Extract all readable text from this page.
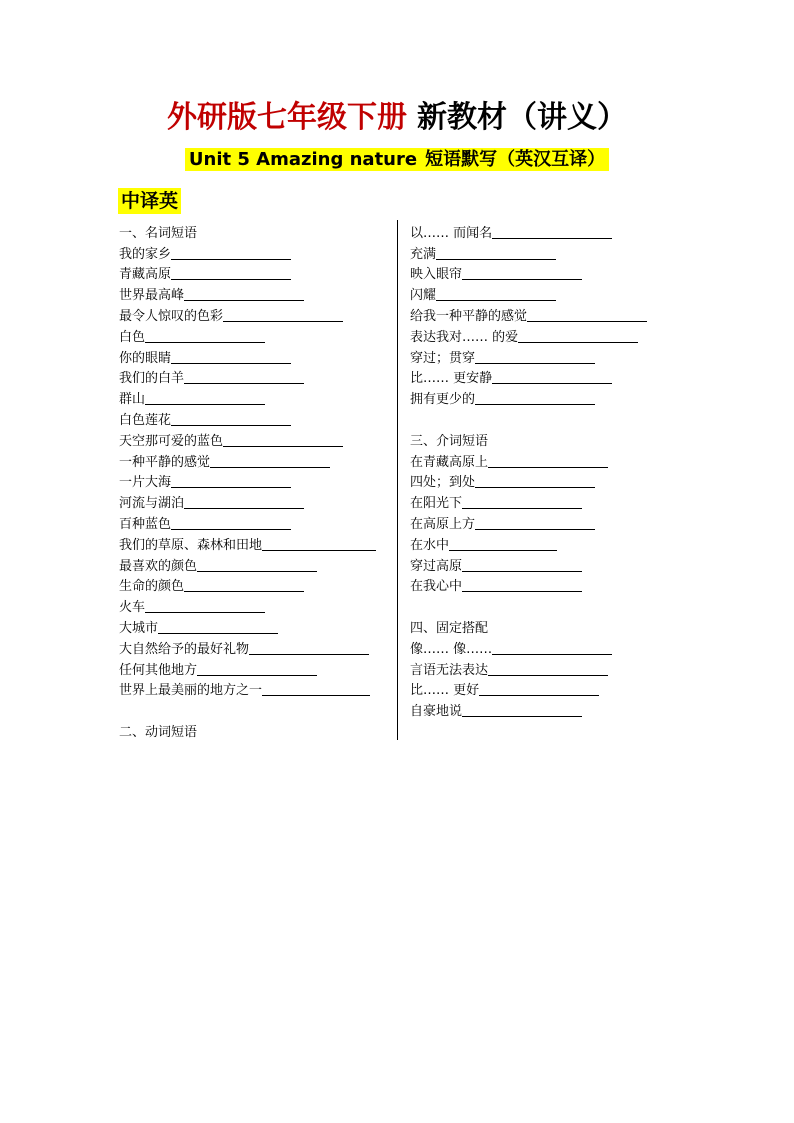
外研版七年级下册 新教材（讲义）
Unit 5 Amazing nature 短语默写（英汉互译）
中译英
一、名词短语
我的家乡
青藏高原
世界最高峰
最令人惊叹的色彩
白色
你的眼睛
我们的白羊
群山
白色莲花
天空那可爱的蓝色
一种平静的感觉
一片大海
河流与湖泊
百种蓝色
我们的草原、森林和田地
最喜欢的颜色
生命的颜色
火车
大城市
大自然给予的最好礼物
任何其他地方
世界上最美丽的地方之一
二、动词短语
以…… 而闻名
充满
映入眼帘
闪耀
给我一种平静的感觉
表达我对…… 的爱
穿过；贯穿
比…… 更安静
拥有更少的
三、介词短语
在青藏高原上
四处；到处
在阳光下
在高原上方
在水中
穿过高原
在我心中
四、固定搭配
像…… 像……
言语无法表达
比…… 更好
自豪地说
